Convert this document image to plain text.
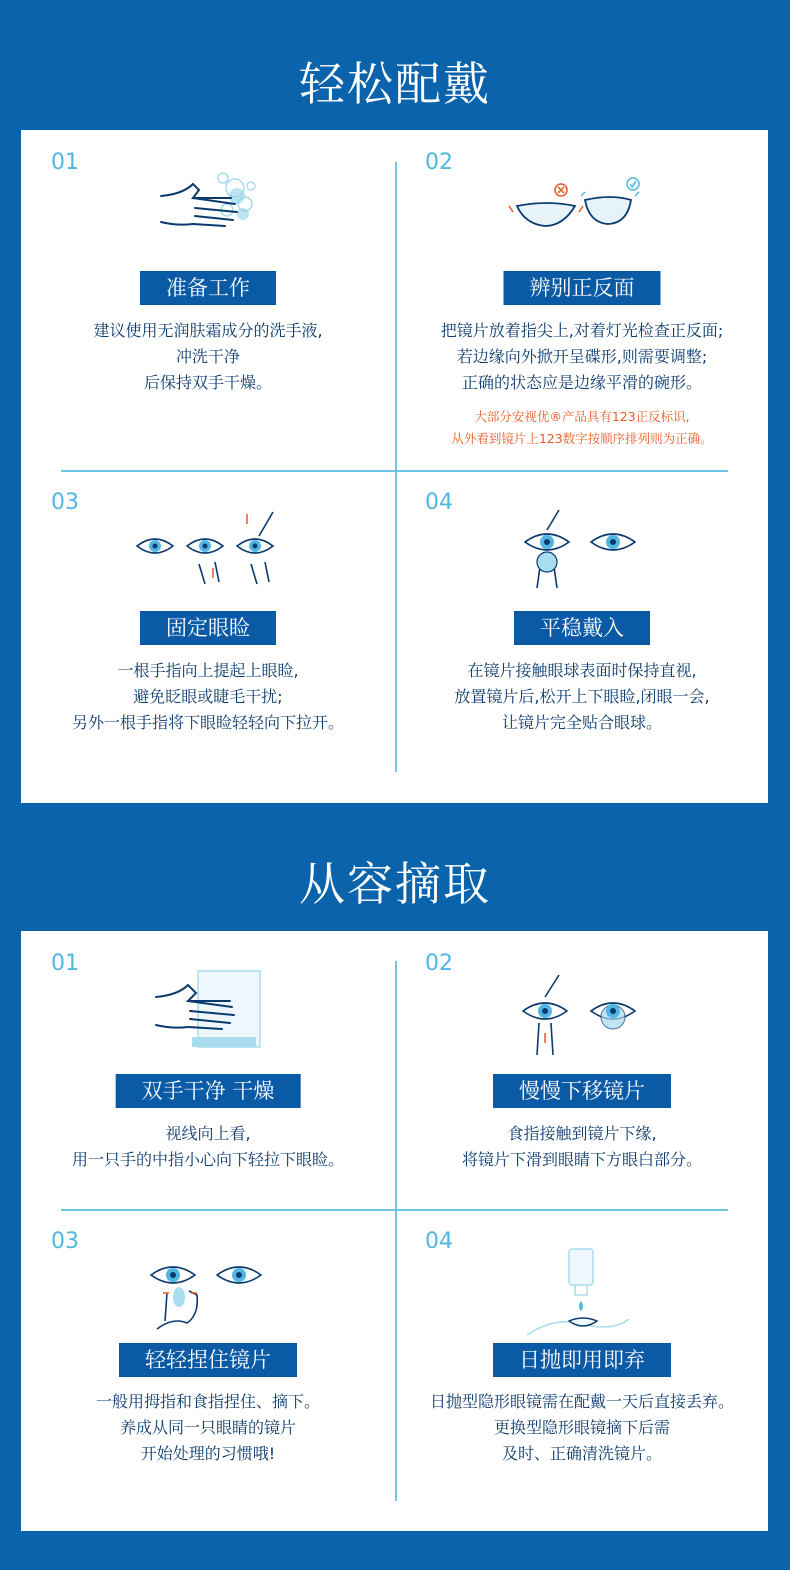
轻松配戴
01
准备工作
建议使用无润肤霜成分的洗手液,
冲洗干净
后保持双手干燥。
02
辨别正反面
把镜片放着指尖上,对着灯光检查正反面;
若边缘向外掀开呈碟形,则需要调整;
正确的状态应是边缘平滑的碗形。
大部分安视优®产品具有123正反标识,
从外看到镜片上123数字按顺序排列则为正确。
03
固定眼睑
一根手指向上提起上眼睑,
避免眨眼或睫毛干扰;
另外一根手指将下眼睑轻轻向下拉开。
04
平稳戴入
在镜片接触眼球表面时保持直视,
放置镜片后,松开上下眼睑,闭眼一会,
让镜片完全贴合眼球。
从容摘取
01
双手干净 干燥
视线向上看,
用一只手的中指小心向下轻拉下眼睑。
02
慢慢下移镜片
食指接触到镜片下缘,
将镜片下滑到眼睛下方眼白部分。
03
轻轻捏住镜片
一般用拇指和食指捏住、摘下。
养成从同一只眼睛的镜片
开始处理的习惯哦!
04
日抛即用即弃
日抛型隐形眼镜需在配戴一天后直接丢弃。
更换型隐形眼镜摘下后需
及时、正确清洗镜片。
